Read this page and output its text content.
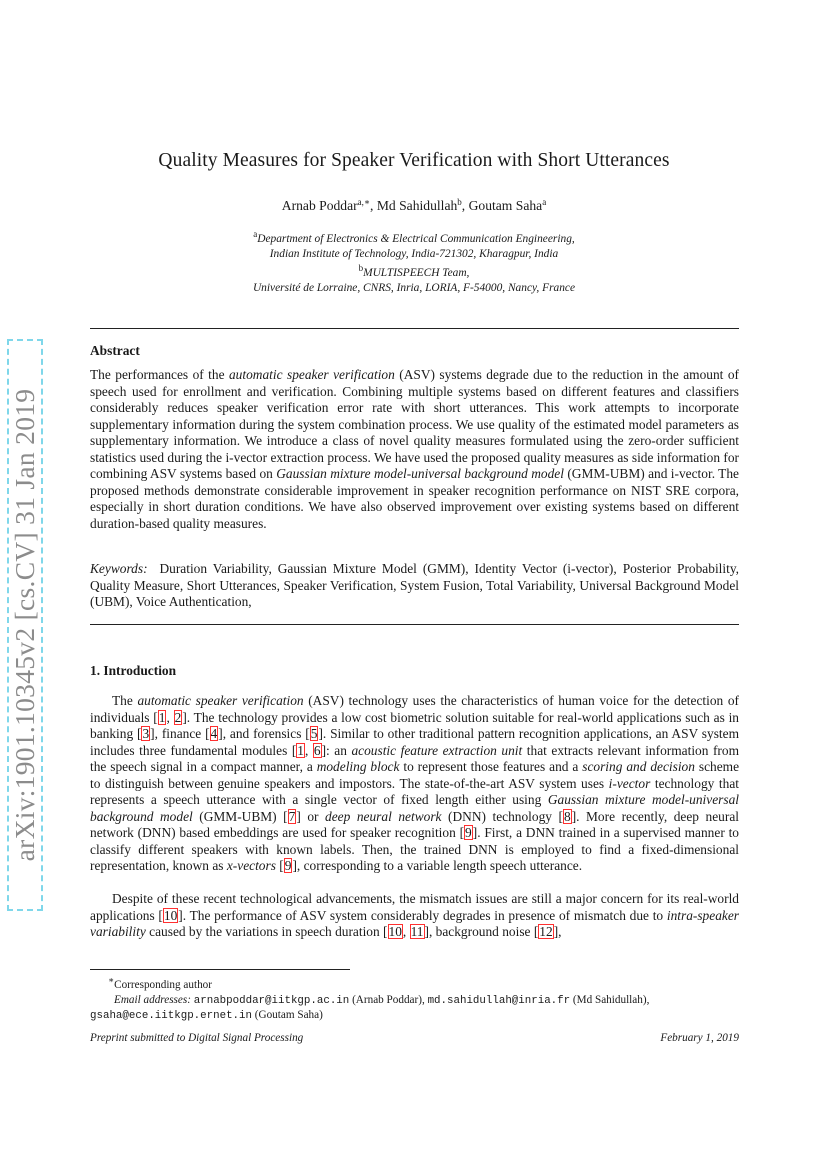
arXiv:1901.10345v2 [cs.CV] 31 Jan 2019
Quality Measures for Speaker Verification with Short Utterances
Arnab Poddar$^{a,∗}$, Md Sahidullah$^b$, Goutam Saha$^a$
$^a$Department of Electronics & Electrical Communication Engineering,
Indian Institute of Technology, India-721302, Kharagpur, India
$^b$MULTISPEECH Team,
Université de Lorraine, CNRS, Inria, LORIA, F-54000, Nancy, France
Abstract

The performances of the automatic speaker verification (ASV) systems degrade due to the reduction in the amount of speech used for enrollment and verification. Combining multiple systems based on different features and classifiers considerably reduces speaker verification error rate with short utterances. This work attempts to incorporate supplementary information during the system combination process. We use quality of the estimated model parameters as supplementary information. We introduce a class of novel quality measures formulated using the zero-order sufficient statistics used during the i-vector extraction process. We have used the proposed quality measures as side information for combining ASV systems based on Gaussian mixture model-universal background model (GMM-UBM) and i-vector. The proposed methods demonstrate considerable improvement in speaker recognition performance on NIST SRE corpora, especially in short duration conditions. We have also observed improvement over existing systems based on different duration-based quality measures.

Keywords: Duration Variability, Gaussian Mixture Model (GMM), Identity Vector (i-vector), Posterior Probability, Quality Measure, Short Utterances, Speaker Verification, System Fusion, Total Variability, Universal Background Model (UBM), Voice Authentication,

1. Introduction

The automatic speaker verification (ASV) technology uses the characteristics of human voice for the detection of individuals [1, 2]. The technology provides a low cost biometric solution suitable for real-world applications such as in banking [3], finance [4], and forensics [5]. Similar to other traditional pattern recognition applications, an ASV system includes three fundamental modules [1, 6]: an acoustic feature extraction unit that extracts relevant information from the speech signal in a compact manner, a modeling block to represent those features and a scoring and decision scheme to distinguish between genuine speakers and impostors. The state-of-the-art ASV system uses i-vector technology that represents a speech utterance with a single vector of fixed length either using Gaussian mixture model-universal background model (GMM-UBM) [7] or deep neural network (DNN) technology [8]. More recently, deep neural network (DNN) based embeddings are used for speaker recognition [9]. First, a DNN trained in a supervised manner to classify different speakers with known labels. Then, the trained DNN is employed to find a fixed-dimensional representation, known as x-vectors [9], corresponding to a variable length speech utterance.

Despite of these recent technological advancements, the mismatch issues are still a major concern for its real-world applications [10]. The performance of ASV system considerably degrades in presence of mismatch due to intra-speaker variability caused by the variations in speech duration [10, 11], background noise [12],

∗Corresponding author
Email addresses: arnabpoddar@iitkgp.ac.in (Arnab Poddar), md.sahidullah@inria.fr (Md Sahidullah),
gsaha@ece.iitkgp.ernet.in (Goutam Saha)
Preprint submitted to Digital Signal Processing	February 1, 2019
